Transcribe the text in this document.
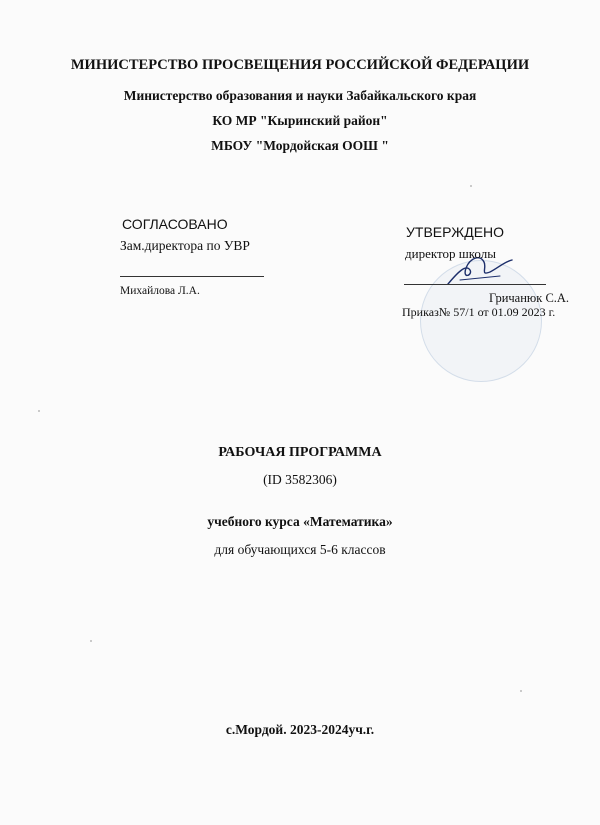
МИНИСТЕРСТВО ПРОСВЕЩЕНИЯ РОССИЙСКОЙ ФЕДЕРАЦИИ
Министерство образования и науки Забайкальского края
КО МР "Кыринский район"
МБОУ "Мордойская ООШ "
СОГЛАСОВАНО
Зам.директора по УВР
Михайлова Л.А.
УТВЕРЖДЕНО
директор школы
Гричанюк С.А.
Приказ№ 57/1 от 01.09 2023 г.
РАБОЧАЯ ПРОГРАММА
(ID 3582306)
учебного курса «Математика»
для обучающихся 5-6 классов
с.Мордой. 2023-2024уч.г.
